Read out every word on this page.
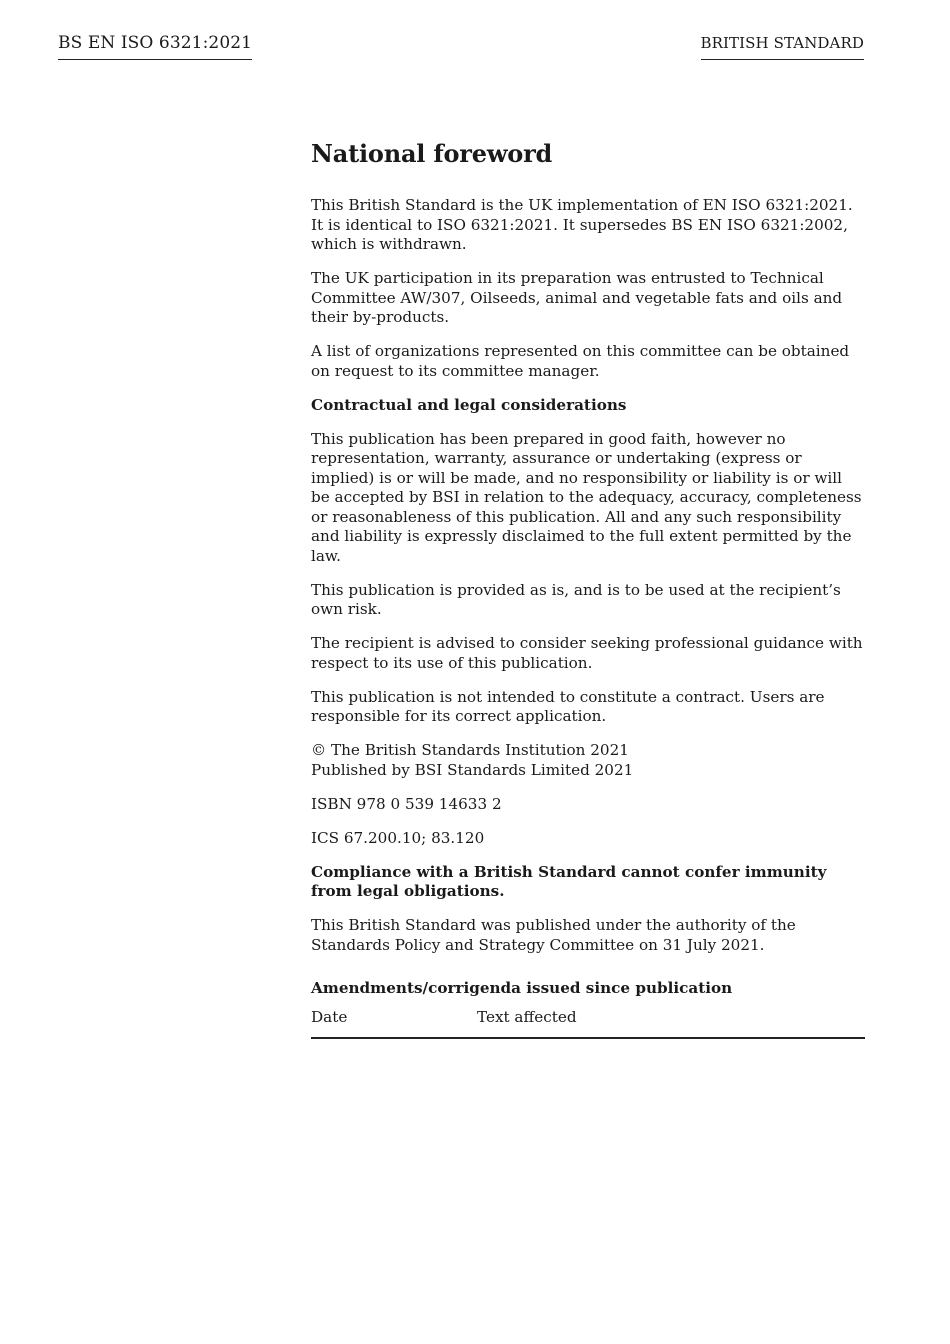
BS EN ISO 6321:2021	BRITISH STANDARD
National foreword

This British Standard is the UK implementation of EN ISO 6321:2021. It is identical to ISO 6321:2021. It supersedes BS EN ISO 6321:2002, which is withdrawn.

The UK participation in its preparation was entrusted to Technical Committee AW/307, Oilseeds, animal and vegetable fats and oils and their by-products.

A list of organizations represented on this committee can be obtained on request to its committee manager.

Contractual and legal considerations

This publication has been prepared in good faith, however no representation, warranty, assurance or undertaking (express or implied) is or will be made, and no responsibility or liability is or will be accepted by BSI in relation to the adequacy, accuracy, completeness or reasonableness of this publication. All and any such responsibility and liability is expressly disclaimed to the full extent permitted by the law.

This publication is provided as is, and is to be used at the recipient’s own risk.

The recipient is advised to consider seeking professional guidance with respect to its use of this publication.

This publication is not intended to constitute a contract. Users are responsible for its correct application.

© The British Standards Institution 2021
Published by BSI Standards Limited 2021

ISBN 978 0 539 14633 2

ICS 67.200.10; 83.120

Compliance with a British Standard cannot confer immunity from legal obligations.

This British Standard was published under the authority of the Standards Policy and Strategy Committee on 31 July 2021.

Amendments/corrigenda issued since publication
Date	Text affected
